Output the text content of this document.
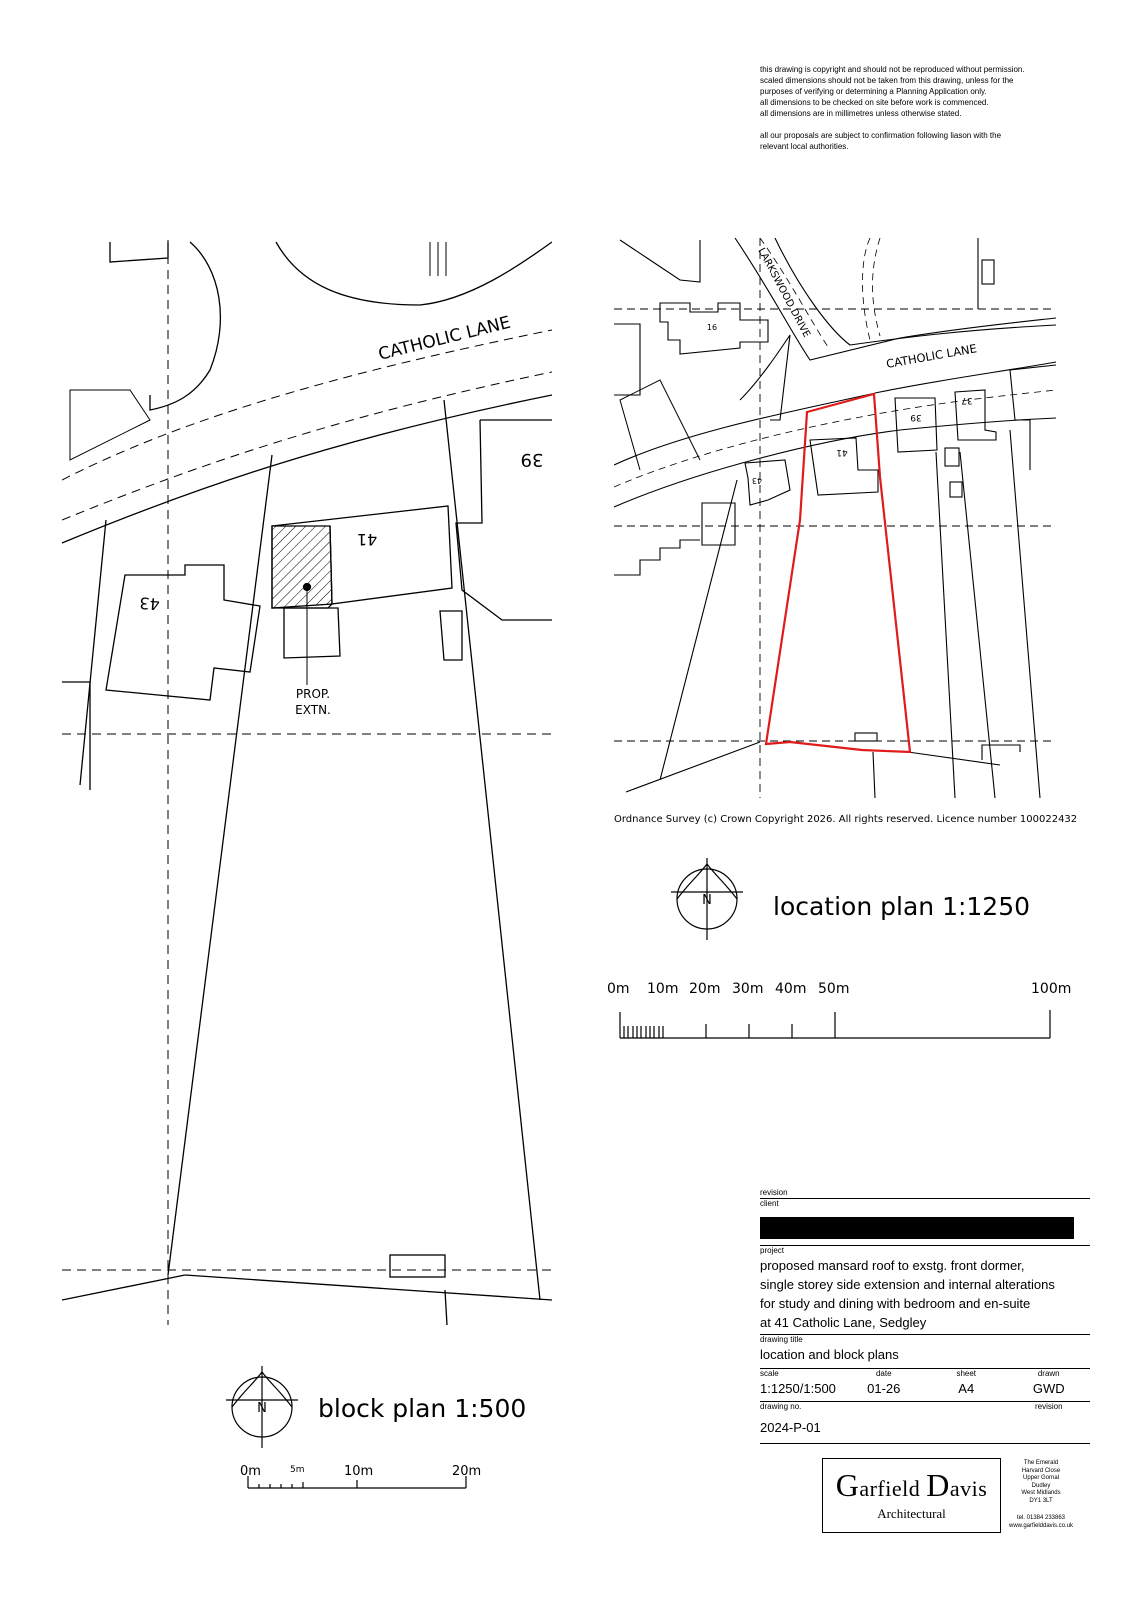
this drawing is copyright and should not be reproduced without permission.

scaled dimensions should not be taken from this drawing, unless for the

purposes of verifying or determining a Planning Application only.

all dimensions to be checked on site before work is commenced.

all dimensions are in millimetres unless otherwise stated.

all our proposals are subject to confirmation following liason with the

relevant local authorities.

CATHOLIC LANE
41
43
39
PROP.
EXTN.
N block plan 1:500
0m	5m	10m	20m
CATHOLIC LANE
LARKSWOOD DRIVE
16
41
43
39
37
Ordnance Survey (c) Crown Copyright 2026. All rights reserved. Licence number 100022432
N location plan 1:1250
0m 10m 20m 30m 40m 50m	100m
revision
client
project
proposed mansard roof to exstg. front dormer,
single storey side extension and internal alterations
for study and dining with bedroom and en-suite
at 41 Catholic Lane, Sedgley
drawing title
location and block plans
scale	date	sheet	drawn
1:1250/1:500	01-26	A4	GWD
drawing no.	revision
2024-P-01
Garfield Davis
Architectural
The Emerald
Harvard Close
Upper Gornal
Dudley
West Midlands
DY1 3LT
tel. 01384 233863
www.garfielddavis.co.uk
